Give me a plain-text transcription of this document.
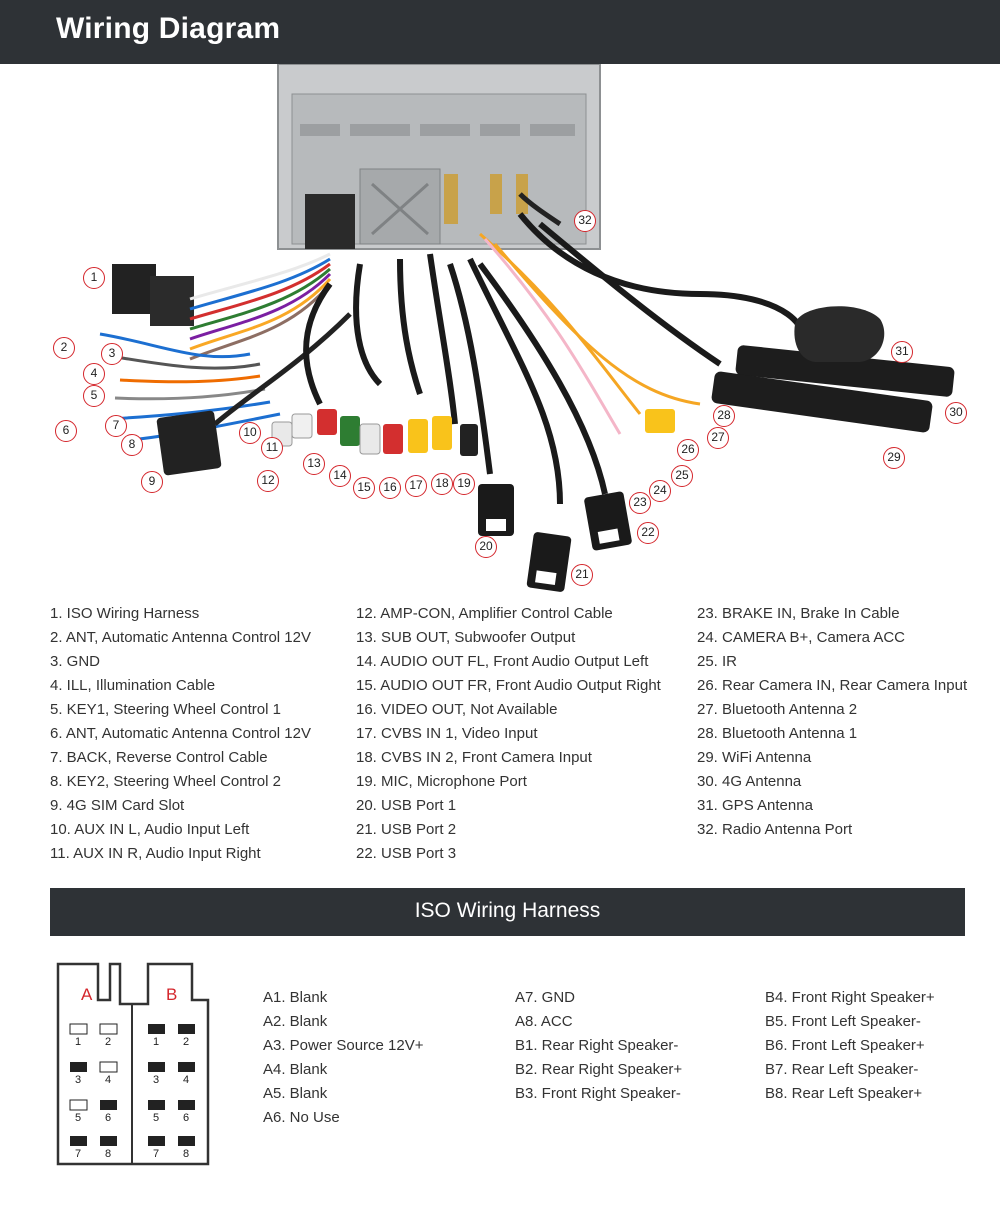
Wiring Diagram
1
2	3
4
5
6	7
8
9
10
11
12
13
14
15	16	17	18 19
20
21
22
23
24
25
26
27
28
29
30
31
32
1. ISO Wiring Harness
2. ANT, Automatic Antenna Control 12V
3. GND
4. ILL, Illumination Cable
5. KEY1, Steering Wheel Control 1
6. ANT, Automatic Antenna Control 12V
7. BACK, Reverse Control Cable
8. KEY2, Steering Wheel Control 2
9. 4G SIM Card Slot
10. AUX IN L, Audio Input Left
11. AUX IN R, Audio Input Right
12. AMP-CON, Amplifier Control Cable
13. SUB OUT, Subwoofer Output
14. AUDIO OUT FL, Front Audio Output Left
15. AUDIO OUT FR, Front Audio Output Right
16. VIDEO OUT, Not Available
17. CVBS IN 1, Video Input
18. CVBS IN 2, Front Camera Input
19. MIC, Microphone Port
20. USB Port 1
21. USB Port 2
22. USB Port 3
23. BRAKE IN, Brake In Cable
24. CAMERA B+, Camera ACC
25. IR
26. Rear Camera IN, Rear Camera Input
27. Bluetooth Antenna 2
28. Bluetooth Antenna 1
29. WiFi Antenna
30. 4G Antenna
31. GPS Antenna
32. Radio Antenna Port
ISO Wiring Harness
A	B
1 2
3 4
5 6
7 8
1 2
3 4
5 6
7 8
A1. Blank
A2. Blank
A3. Power Source 12V+
A4. Blank
A5. Blank
A6. No Use
A7. GND
A8. ACC
B1. Rear Right Speaker-
B2. Rear Right Speaker+
B3. Front Right Speaker-
B4. Front Right Speaker+
B5. Front Left Speaker-
B6. Front Left Speaker+
B7. Rear Left Speaker-
B8. Rear Left Speaker+
